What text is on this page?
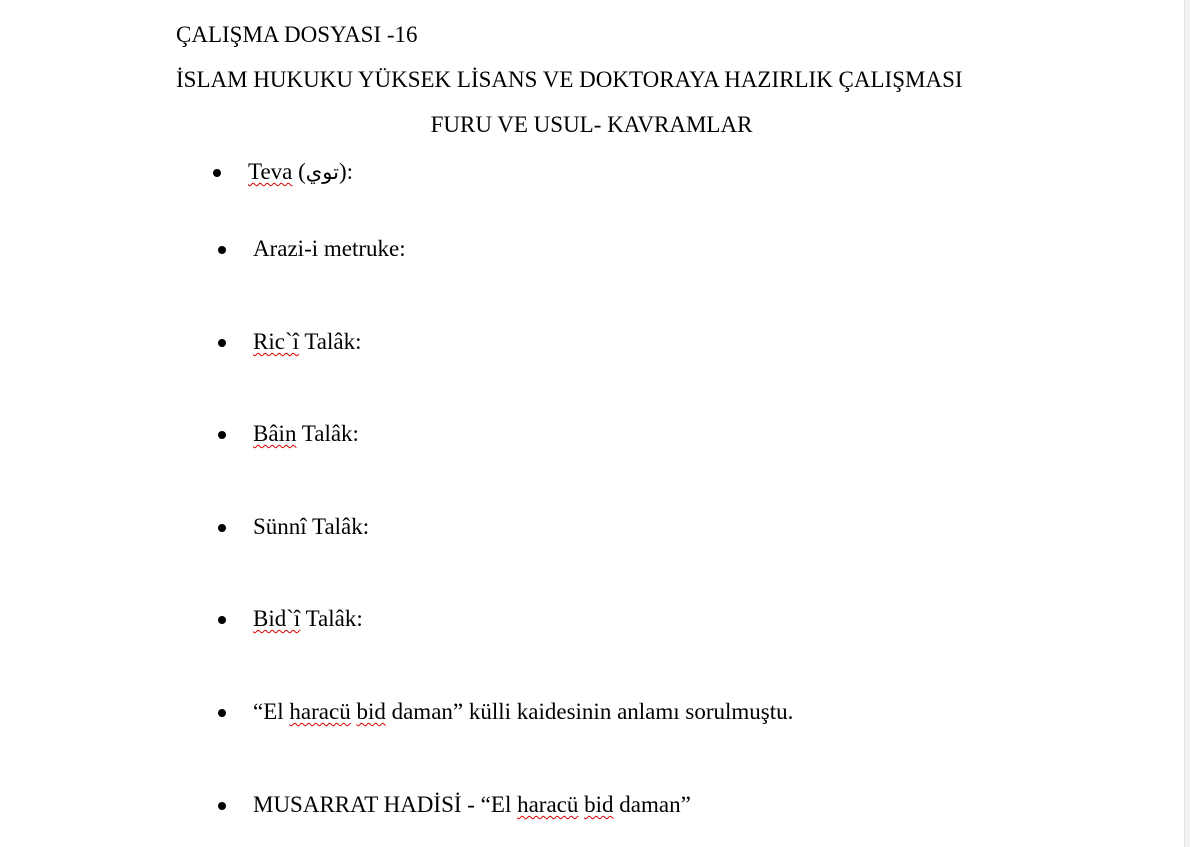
ÇALIŞMA DOSYASI -16
İSLAM HUKUKU YÜKSEK LİSANS VE DOKTORAYA HAZIRLIK ÇALIŞMASI
FURU VE USUL- KAVRAMLAR
Teva (توي):
Arazi-i metruke:
Ric`î Talâk:
Bâin Talâk:
Sünnî Talâk:
Bid`î Talâk:
“El haracü bid daman” külli kaidesinin anlamı sorulmuştu.
MUSARRAT HADİSİ - “El haracü bid daman”
